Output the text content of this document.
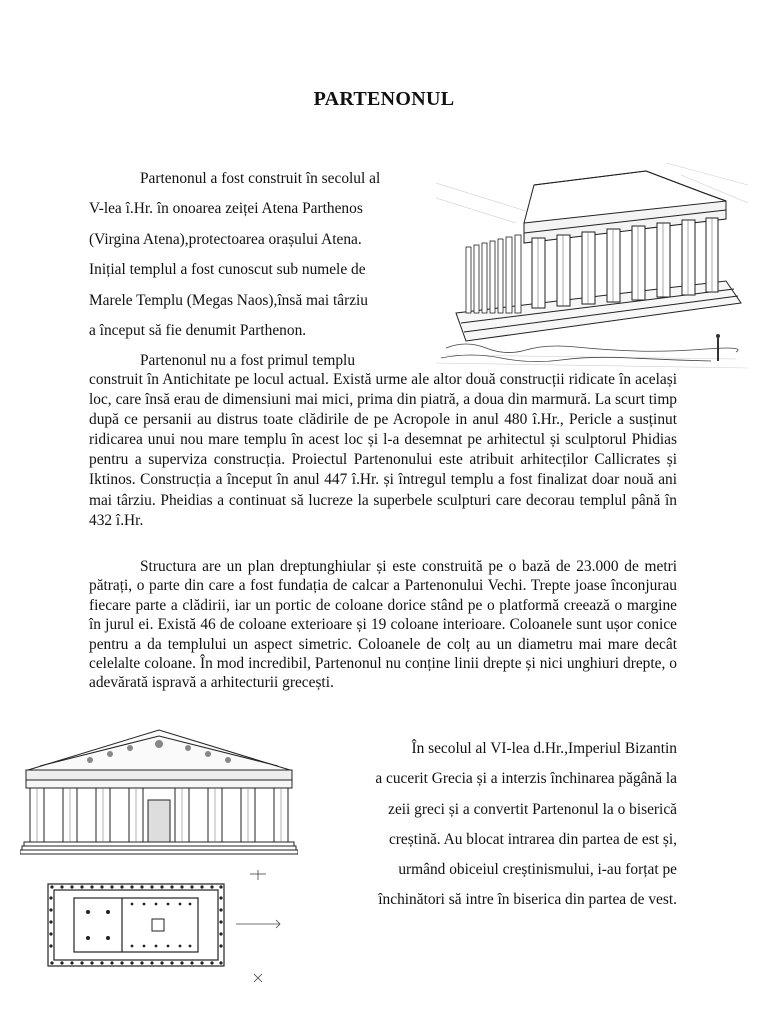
PARTENONUL
Partenonul a fost construit în secolul al
V-lea î.Hr. în onoarea zeiței Atena Parthenos
(Virgina Atena),protectoarea orașului Atena.
Inițial templul a fost cunoscut sub numele de
Marele Templu (Megas Naos),însă mai târziu
a început să fie denumit Parthenon.
Partenonul nu a fost primul templu
construit în Antichitate pe locul actual. Există urme ale altor două construcții ridicate în același loc, care însă erau de dimensiuni mai mici, prima din piatră, a doua din marmură. La scurt timp după ce persanii au distrus toate clădirile de pe Acropole in anul 480 î.Hr., Pericle a susținut ridicarea unui nou mare templu în acest loc și l-a desemnat pe arhitectul și sculptorul Phidias pentru a superviza construcția. Proiectul Partenonului este atribuit arhitecților Callicrates și Iktinos. Construcția a început în anul 447 î.Hr. și întregul templu a fost finalizat doar nouă ani mai târziu. Pheidias a continuat să lucreze la superbele sculpturi care decorau templul până în 432 î.Hr.
Structura are un plan dreptunghiular și este construită pe o bază de 23.000 de metri pătrați, o parte din care a fost fundația de calcar a Partenonului Vechi. Trepte joase înconjurau fiecare parte a clădirii, iar un portic de coloane dorice stând pe o platformă creează o margine în jurul ei. Există 46 de coloane exterioare și 19 coloane interioare. Coloanele sunt ușor conice pentru a da templului un aspect simetric. Coloanele de colț au un diametru mai mare decât celelalte coloane. În mod incredibil, Partenonul nu conține linii drepte și nici unghiuri drepte, o adevărată ispravă a arhitecturii grecești.
În secolul al VI-lea d.Hr.,Imperiul Bizantin
a cucerit Grecia și a interzis închinarea păgână la
zeii greci și a convertit Partenonul la o biserică
creștină. Au blocat intrarea din partea de est și,
urmând obiceiul creștinismului, i-au forțat pe
închinători să intre în biserica din partea de vest.
